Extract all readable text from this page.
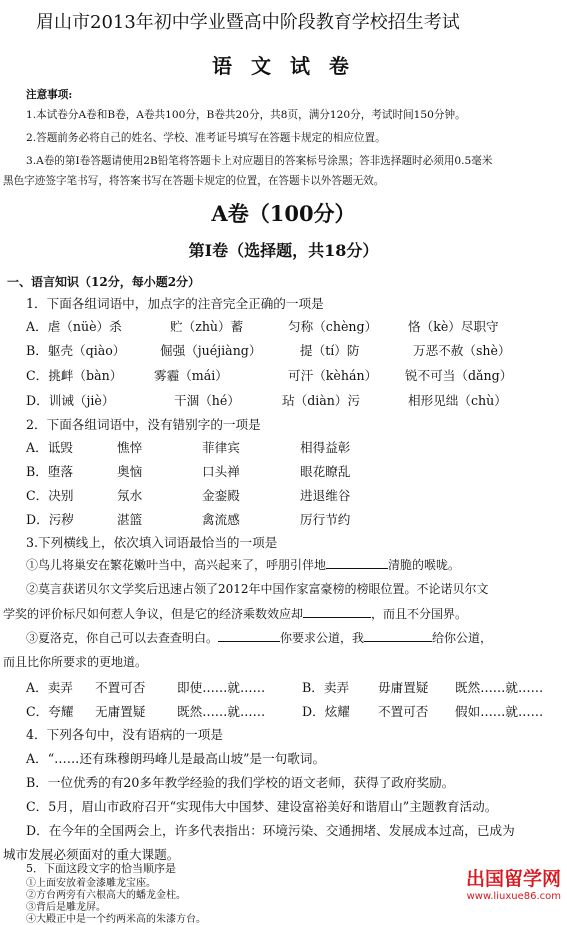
眉山市2013年初中学业暨高中阶段教育学校招生考试
语 文 试 卷
注意事项:
1.本试卷分A卷和B卷，A卷共100分，B卷共20分，共8页，满分120分，考试时间150分钟。
2.答题前务必将自己的姓名、学校、准考证号填写在答题卡规定的相应位置。
3.A卷的第Ⅰ卷答题请使用2B铅笔将答题卡上对应题目的答案标号涂黑；答非选择题时必须用0.5毫米
黑色字迹签字笔书写，将答案书写在答题卡规定的位置，在答题卡以外答题无效。
A卷（100分）
第Ⅰ卷（选择题，共18分）
一、语言知识（12分，每小题2分）
1．下面各组词语中，加点字的注音完全正确的一项是
A．虐（nüè）杀	贮（zhù）蓄	匀称（chèng） 恪（kè）尽职守
B．躯壳（qiào）	倔强（juéjiàng）	提（tí）防	万恶不赦（shè）
C．挑衅（bàn）	雾霾（mái）	可汗（kèhán） 锐不可当（dǎng）
D．训诫（jiè）	干涸（hé）	玷（diàn）污	相形见绌（chù）
2．下面各组词语中，没有错别字的一项是
A．诋毁	憔悴	菲律宾	相得益彰
B．堕落	奥恼	口头禅	眼花瞭乱
C．决别	氖水	金銮殿	进退维谷
D．污秽	湛篮	禽流感	厉行节约
3.下列横线上，依次填入词语最恰当的一项是
①鸟儿将巢安在繁花嫩叶当中，高兴起来了，呼朋引伴地	清脆的喉咙。
②莫言获诺贝尔文学奖后迅速占领了2012年中国作家富豪榜的榜眼位置。不论诺贝尔文
学奖的评价标尺如何惹人争议，但是它的经济乘数效应却	，而且不分国界。
③夏洛克，你自己可以去查查明白。	你要求公道，我	给你公道，
而且比你所要求的更地道。
A．卖弄 不置可否	即使……就……	B．卖弄 毋庸置疑 既然……就……
C．夸耀 无庸置疑	既然……就……	D．炫耀 不置可否 假如……就……
4．下列各句中，没有语病的一项是
A．“……还有珠穆朗玛峰儿是最高山坡”是一句歌词。
B．一位优秀的有20多年教学经验的我们学校的语文老师，获得了政府奖励。
C．5月，眉山市政府召开“实现伟大中国梦、建设富裕美好和谐眉山”主题教育活动。
D．在今年的全国两会上，许多代表指出：环境污染、交通拥堵、发展成本过高，已成为
城市发展必须面对的重大课题。
5．下面这段文字的恰当顺序是
①上面安放着金漆雕龙宝座。
②方台两旁有六根高大的蟠龙金柱。
③背后是雕龙屏。
④大殿正中是一个约两米高的朱漆方台。
出国留学网
www.liuxue86.com
